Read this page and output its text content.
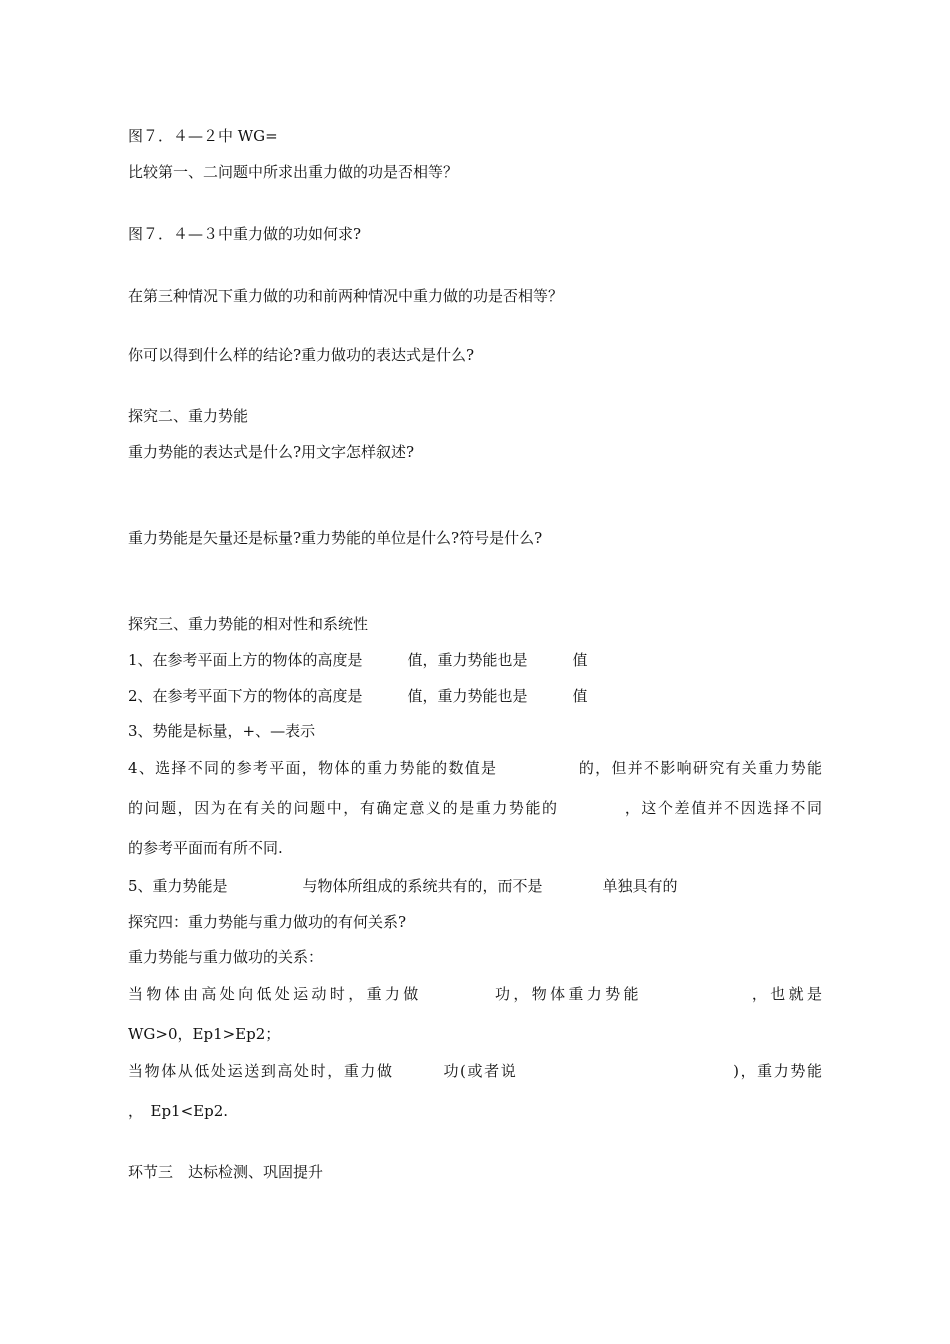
图７．４—２中 WG=
比较第一、二问题中所求出重力做的功是否相等？
图７．４—３中重力做的功如何求?
在第三种情况下重力做的功和前两种情况中重力做的功是否相等？
你可以得到什么样的结论?重力做功的表达式是什么?
探究二、重力势能
重力势能的表达式是什么?用文字怎样叙述?
重力势能是矢量还是标量?重力势能的单位是什么?符号是什么?
探究三、重力势能的相对性和系统性
1、在参考平面上方的物体的高度是　　　值，重力势能也是　　　值
2、在参考平面下方的物体的高度是　　　值，重力势能也是　　　值
3、势能是标量，+、—表示
4、选择不同的参考平面，物体的重力势能的数值是　　　　　的，但并不影响研究有关重力势能
的问题，因为在有关的问题中，有确定意义的是重力势能的　　　　，这个差值并不因选择不同
的参考平面而有所不同.
5、重力势能是　　　　　与物体所组成的系统共有的，而不是　　　　单独具有的
探究四：重力势能与重力做功的有何关系?
重力势能与重力做功的关系：
当物体由高处向低处运动时，重力做　　　　功，物体重力势能　　　　　　，也就是
WG>0，Ep1>Ep2；
当物体从低处运送到高处时，重力做　　　功(或者说　　　　　　　　　　　　　)，重力势能
，　Ep1<Ep2.
环节三　达标检测、巩固提升
